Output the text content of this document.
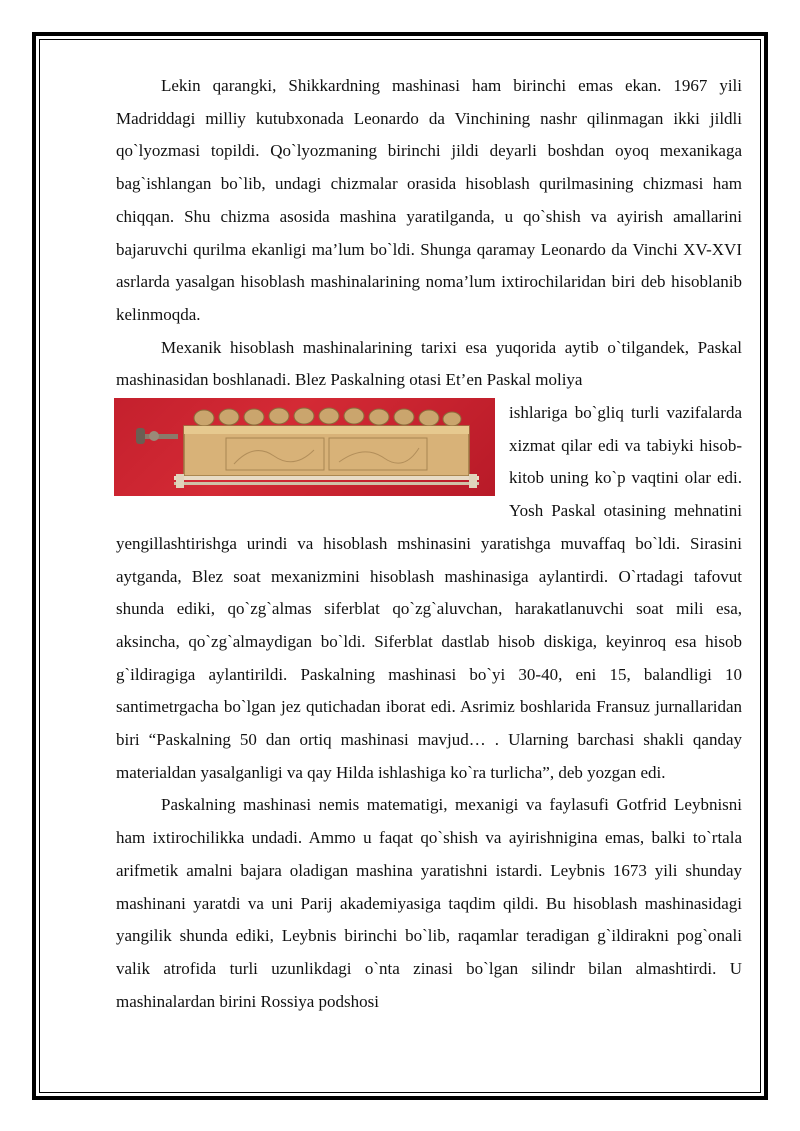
Lekin qarangki, Shikkardning mashinasi ham birinchi emas ekan. 1967 yili Madriddagi milliy kutubxonada Leonardo da Vinchining nashr qilinmagan ikki jildli qo`lyozmasi topildi. Qo`lyozmaning birinchi jildi deyarli boshdan oyoq mexanikaga bag`ishlangan bo`lib, undagi chizmalar orasida hisoblash qurilmasining chizmasi ham chiqqan. Shu chizma asosida mashina yaratilganda, u qo`shish va ayirish amallarini bajaruvchi qurilma ekanligi ma’lum bo`ldi. Shunga qaramay Leonardo da Vinchi XV-XVI asrlarda yasalgan hisoblash mashinalarining noma’lum ixtirochilaridan biri deb hisoblanib kelinmoqda.

Mexanik hisoblash mashinalarining tarixi esa yuqorida aytib o`tilgandek, Paskal mashinasidan boshlanadi. Blez Paskalning otasi Et’en Paskal moliya

ishlariga bo`gliq turli vazifalarda xizmat qilar edi va tabiyki hisob-kitob uning ko`p vaqtini olar edi. Yosh Paskal otasining mehnatini yengillashtirishga urindi va hisoblash mshinasini yaratishga muvaffaq bo`ldi. Sirasini aytganda, Blez soat mexanizmini hisoblash mashinasiga aylantirdi. O`rtadagi tafovut shunda ediki, qo`zg`almas siferblat qo`zg`aluvchan, harakatlanuvchi soat mili esa, aksincha, qo`zg`almaydigan bo`ldi. Siferblat dastlab hisob diskiga, keyinroq esa hisob g`ildiragiga aylantirildi. Paskalning mashinasi bo`yi 30-40, eni 15, balandligi 10 santimetrgacha bo`lgan jez qutichadan iborat edi. Asrimiz boshlarida Fransuz jurnallaridan biri “Paskalning 50 dan ortiq mashinasi mavjud… . Ularning barchasi shakli qanday materialdan yasalganligi va qay Hilda ishlashiga ko`ra turlicha”, deb yozgan edi.

Paskalning mashinasi nemis matematigi, mexanigi va faylasufi Gotfrid Leybnisni ham ixtirochilikka undadi. Ammo u faqat qo`shish va ayirishnigina emas, balki to`rtala arifmetik amalni bajara oladigan mashina yaratishni istardi. Leybnis 1673 yili shunday mashinani yaratdi va uni Parij akademiyasiga taqdim qildi. Bu hisoblash mashinasidagi yangilik shunda ediki, Leybnis birinchi bo`lib, raqamlar teradigan g`ildirakni pog`onali valik atrofida turli uzunlikdagi o`nta zinasi bo`lgan silindr bilan almashtirdi. U mashinalardan birini Rossiya podshosi
